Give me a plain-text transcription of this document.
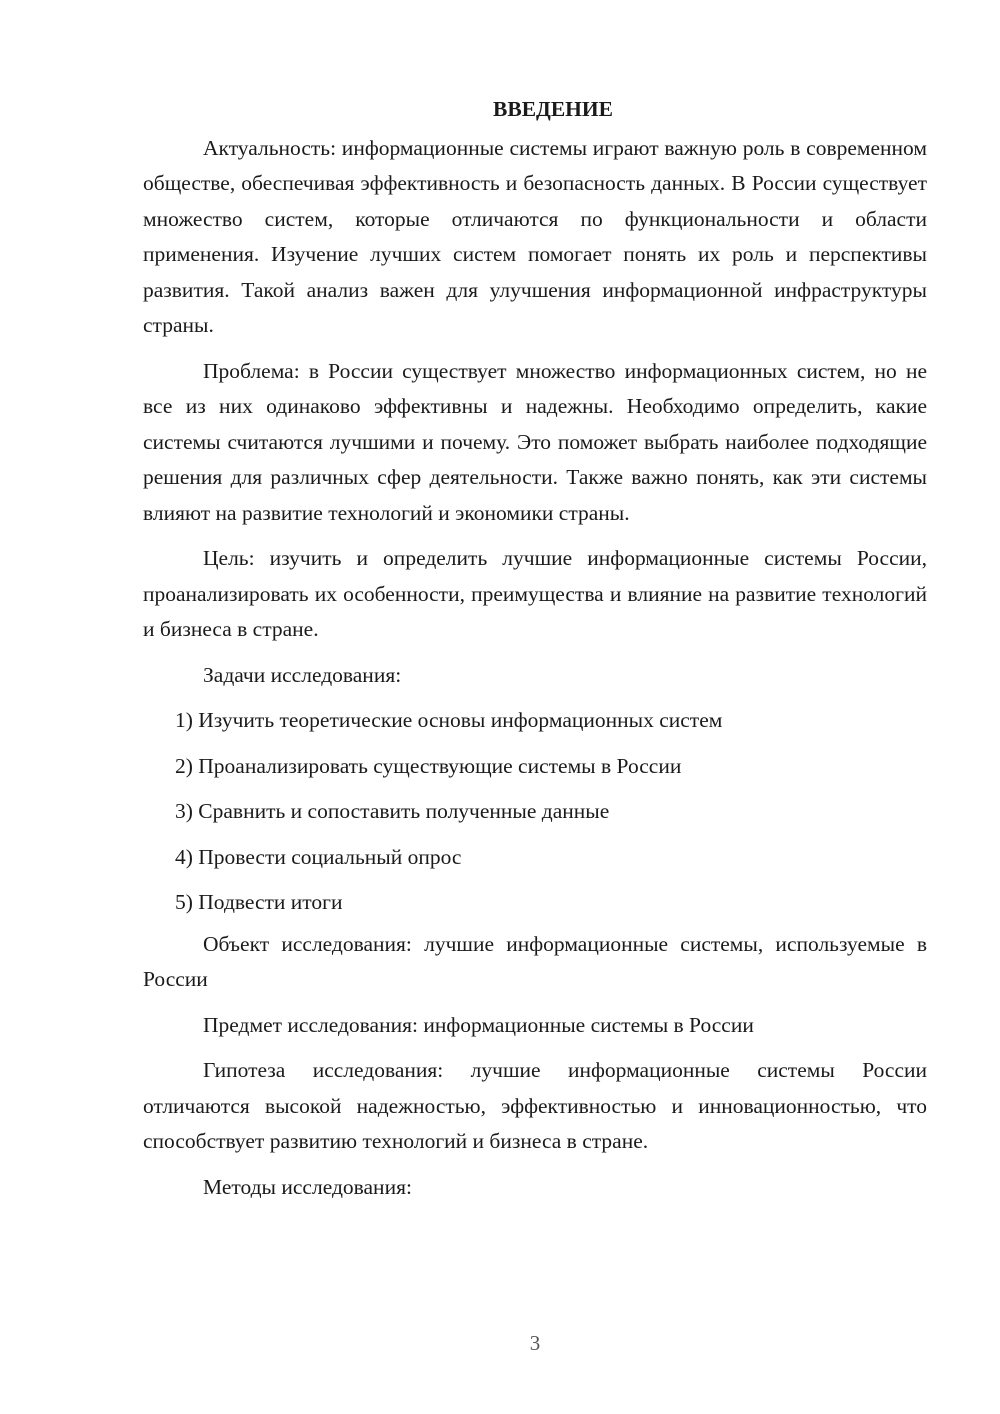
ВВЕДЕНИЕ

Актуальность: информационные системы играют важную роль в современном обществе, обеспечивая эффективность и безопасность данных. В России существует множество систем, которые отличаются по функциональности и области применения. Изучение лучших систем помогает понять их роль и перспективы развития. Такой анализ важен для улучшения информационной инфраструктуры страны.

Проблема: в России существует множество информационных систем, но не все из них одинаково эффективны и надежны. Необходимо определить, какие системы считаются лучшими и почему. Это поможет выбрать наиболее подходящие решения для различных сфер деятельности. Также важно понять, как эти системы влияют на развитие технологий и экономики страны.

Цель: изучить и определить лучшие информационные системы России, проанализировать их особенности, преимущества и влияние на развитие технологий и бизнеса в стране.

Задачи исследования:

1) Изучить теоретические основы информационных систем

2) Проанализировать существующие системы в России

3) Сравнить и сопоставить полученные данные

4) Провести социальный опрос

5) Подвести итоги

Объект исследования: лучшие информационные системы, используемые в России

Предмет исследования: информационные системы в России

Гипотеза исследования: лучшие информационные системы России отличаются высокой надежностью, эффективностью и инновационностью, что способствует развитию технологий и бизнеса в стране.

Методы исследования:

3
